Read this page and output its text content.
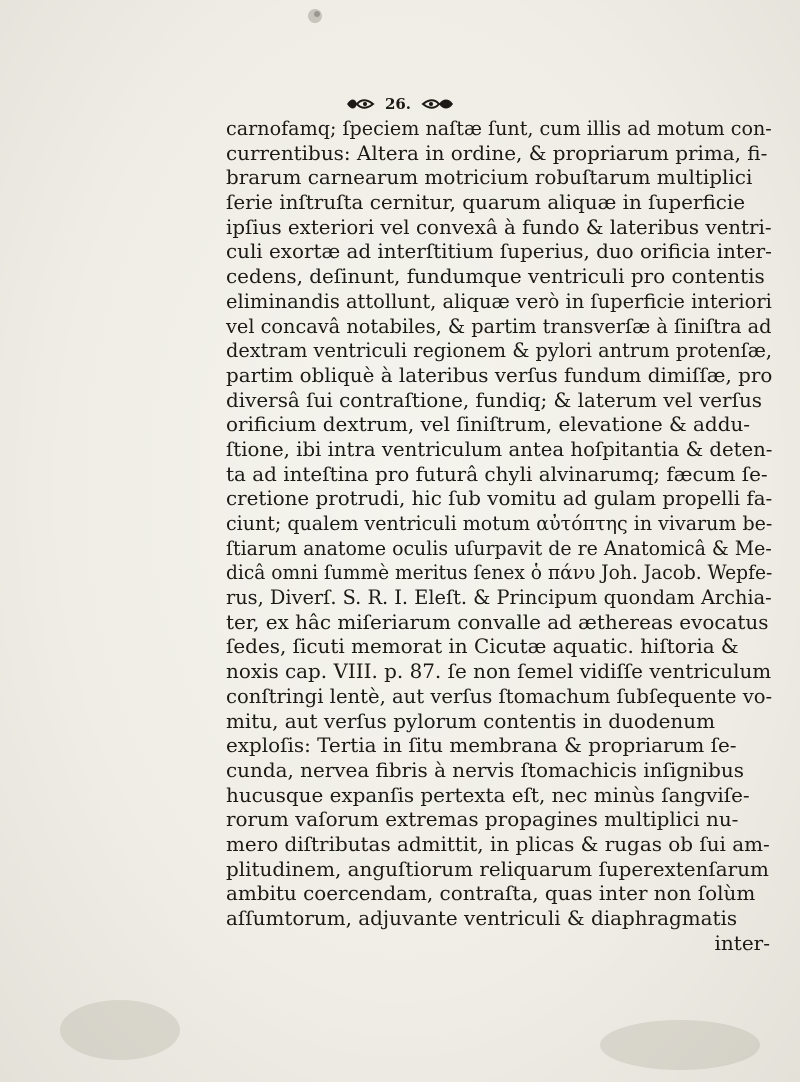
26.
carnofamq; ſpeciem naſtæ ſunt, cum illis ad motum con-
currentibus: Altera in ordine, & propriarum prima, fi-
brarum carnearum motricium robuſtarum multiplici
ſerie inſtruſta cernitur, quarum aliquæ in ſuperficie
ipſius exteriori vel convexâ à fundo & lateribus ventri-
culi exortæ ad interſtitium ſuperius, duo orificia inter-
cedens, deſinunt, fundumque ventriculi pro contentis
eliminandis attollunt, aliquæ verò in ſuperficie interiori
vel concavâ notabiles, & partim transverſæ à ſiniſtra ad
dextram ventriculi regionem & pylori antrum protenſæ,
partim obliquè à lateribus verſus fundum dimiſſæ, pro
diversâ ſui contraſtione, fundiq; & laterum vel verſus
orificium dextrum, vel ſiniſtrum, elevatione & addu-
ſtione, ibi intra ventriculum antea hoſpitantia & deten-
ta ad inteſtina pro futurâ chyli alvinarumq; fæcum ſe-
cretione protrudi, hic ſub vomitu ad gulam propelli fa-
ciunt; qualem ventriculi motum αὐτόπτης in vivarum be-
ſtiarum anatome oculis uſurpavit de re Anatomicâ & Me-
dicâ omni ſummè meritus ſenex ὁ πάνυ Joh. Jacob. Wepfe-
rus, Diverſ. S. R. I. Eleſt. & Principum quondam Archia-
ter, ex hâc miſeriarum convalle ad æthereas evocatus
ſedes, ſicuti memorat in Cicutæ aquatic. hiſtoria &
noxis cap. VIII. p. 87. ſe non ſemel vidiſſe ventriculum
conſtringi lentè, aut verſus ſtomachum ſubſequente vo-
mitu, aut verſus pylorum contentis in duodenum
exploſis: Tertia in ſitu membrana & propriarum ſe-
cunda, nervea fibris à nervis ſtomachicis inſignibus
hucusque expanſis pertexta eſt, nec minùs ſangviſe-
rorum vaſorum extremas propagines multiplici nu-
mero diſtributas admittit, in plicas & rugas ob ſui am-
plitudinem, anguſtiorum reliquarum ſuperextenſarum
ambitu coercendam, contraſta, quas inter non ſolùm
aſſumtorum, adjuvante ventriculi & diaphragmatis
inter-
